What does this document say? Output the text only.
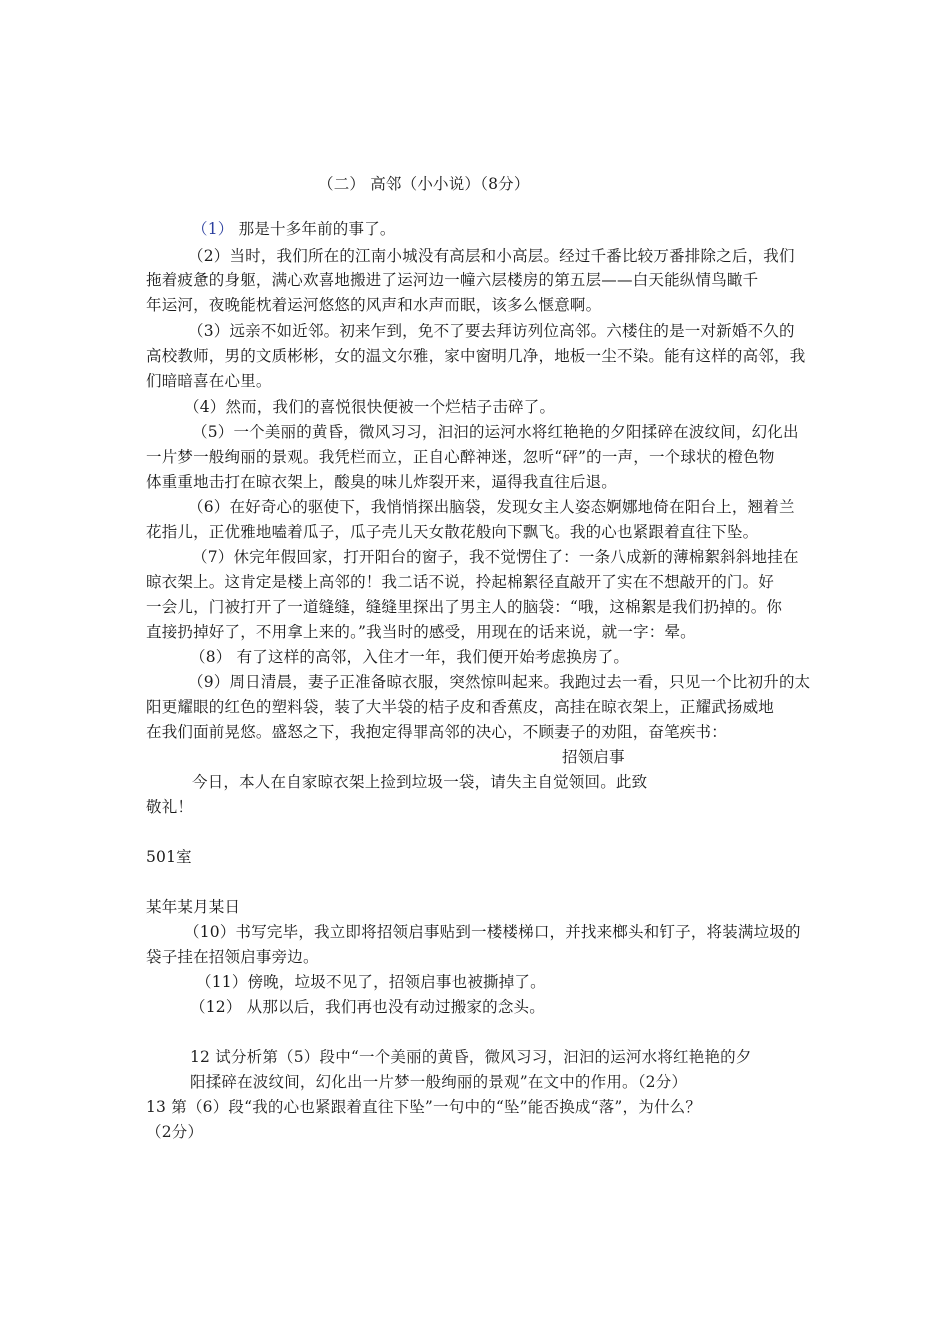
（二） 高邻（小小说）（8分）
（1） 那是十多年前的事了。
（2）当时，我们所在的江南小城没有高层和小高层。经过千番比较万番排除之后，我们
拖着疲惫的身躯，满心欢喜地搬进了运河边一幢六层楼房的第五层——白天能纵情鸟瞰千
年运河，夜晚能枕着运河悠悠的风声和水声而眠，该多么惬意啊。
（3）远亲不如近邻。初来乍到，免不了要去拜访列位高邻。六楼住的是一对新婚不久的
高校教师，男的文质彬彬，女的温文尔雅，家中窗明几净，地板一尘不染。能有这样的高邻，我
们暗暗喜在心里。
（4）然而，我们的喜悦很快便被一个烂桔子击碎了。
（5）一个美丽的黄昏，微风习习，汩汩的运河水将红艳艳的夕阳揉碎在波纹间，幻化出
一片梦一般绚丽的景观。我凭栏而立，正自心醉神迷，忽听“砰”的一声，一个球状的橙色物
体重重地击打在晾衣架上，酸臭的味儿炸裂开来，逼得我直往后退。
（6）在好奇心的驱使下，我悄悄探出脑袋，发现女主人姿态婀娜地倚在阳台上，翘着兰
花指儿，正优雅地嗑着瓜子，瓜子壳儿天女散花般向下飘飞。我的心也紧跟着直往下坠。
（7）休完年假回家，打开阳台的窗子，我不觉愣住了：一条八成新的薄棉絮斜斜地挂在
晾衣架上。这肯定是楼上高邻的！我二话不说，拎起棉絮径直敲开了实在不想敲开的门。好
一会儿，门被打开了一道缝缝，缝缝里探出了男主人的脑袋：“哦，这棉絮是我们扔掉的。你
直接扔掉好了，不用拿上来的。”我当时的感受，用现在的话来说，就一字：晕。
（8） 有了这样的高邻，入住才一年，我们便开始考虑换房了。
（9）周日清晨，妻子正准备晾衣服，突然惊叫起来。我跑过去一看，只见一个比初升的太
阳更耀眼的红色的塑料袋，装了大半袋的桔子皮和香蕉皮，高挂在晾衣架上，正耀武扬威地
在我们面前晃悠。盛怒之下，我抱定得罪高邻的决心，不顾妻子的劝阻，奋笔疾书：
招领启事
今日，本人在自家晾衣架上捡到垃圾一袋，请失主自觉领回。此致
敬礼！
501室
某年某月某日
（10）书写完毕，我立即将招领启事贴到一楼楼梯口，并找来榔头和钉子，将装满垃圾的
袋子挂在招领启事旁边。
（11）傍晚，垃圾不见了，招领启事也被撕掉了。
（12） 从那以后，我们再也没有动过搬家的念头。
12 试分析第（5）段中“一个美丽的黄昏，微风习习，汩汩的运河水将红艳艳的夕
阳揉碎在波纹间，幻化出一片梦一般绚丽的景观”在文中的作用。（2分）
13 第（6）段“我的心也紧跟着直往下坠”一句中的“坠”能否换成“落”，为什么？
（2分）
